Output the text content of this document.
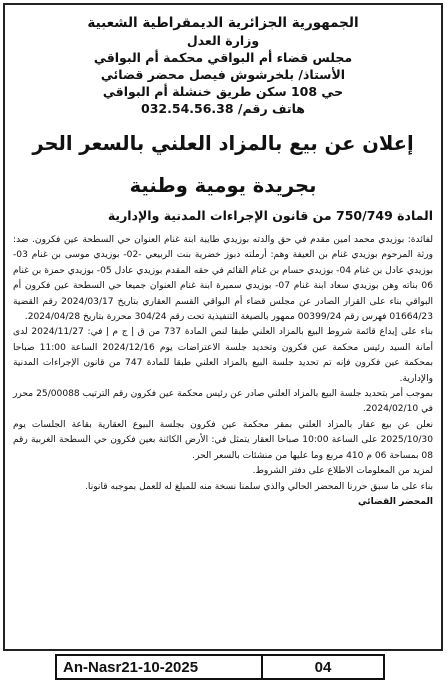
الجمهورية الجزائرية الديمقراطية الشعبية
وزارة العدل
مجلس قضاء أم البواقي محكمة أم البواقي
الأستاذ/ بلخرشوش فيصل محضر قضائي
حي 108 سكن طريق خنشلة أم البواقي
هاتف رقم/ 032.54.56.38
إعلان عن بيع بالمزاد العلني بالسعر الحر
بجريدة يومية وطنية
المادة 750/749 من قانون الإجراءات المدنية والإدارية

لفائدة: بوزيدي محمد امين مقدم في حق والدته بوزيدي طايبة ابنة غنام العنوان حي السطحة عين فكرون. ضد: ورثة المرحوم بوزيدي غنام بن العيفة وهم: أرملته دبوز خضرية بنت الربيعي -02- بوزيدي موسى بن غنام 03- بوزيدي عادل بن غنام 04- بوزيدي حسام بن غنام القائم في حقه المقدم بوزيدي عادل 05- بوزيدي حمزة بن غنام 06 بناته وهن بوزيدي سعاد ابنة غنام 07- بوزيدي سميرة ابنة غنام العنوان جميعا حي السطحة عين فكرون أم البواقي بناء على القرار الصادر عن مجلس قضاء أم البواقي القسم العقاري بتاريخ 2024/03/17 رقم القضية 01664/23 فهرس رقم 00399/24 ممهور بالصيغة التنفيذية تحت رقم 304/24 محررة بتاريخ 2024/04/28.

بناء على إيداع قائمة شروط البيع بالمزاد العلني طبقا لنص المادة 737 من ق إ ج م إ في: 2024/11/27 لدى أمانة السيد رئيس محكمة عين فكرون وتحديد جلسة الاعتراضات يوم 2024/12/16 الساعة 11:00 صباحا بمحكمة عين فكرون فإنه تم تحديد جلسة البيع بالمزاد العلني طبقا للمادة 747 من قانون الإجراءات المدنية والإدارية.

بموجب أمر بتحديد جلسة البيع بالمزاد العلني صادر عن رئيس محكمة عين فكرون رقم الترتيب 25/00088 محرر في 2024/02/10.

نعلن عن بيع عقار بالمزاد العلني بمقر محكمة عين فكرون بجلسة البيوع العقارية بقاعة الجلسات يوم 2025/10/30 على الساعة 10:00 صباحا العقار يتمثل في: الأرض الكائنة بعين فكرون حي السطحة الغربية رقم 08 بمساحة 06 م 410 مربع وما عليها من منشئات بالسعر الحر.

لمزيد من المعلومات الاطلاع على دفتر الشروط.

بناء على ما سبق حررنا المحضر الحالي والذي سلمنا نسخة منه للمبلغ له للعمل بموجبه قانونا.

المحضر القضائي

An-Nasr21-10-2025	04
